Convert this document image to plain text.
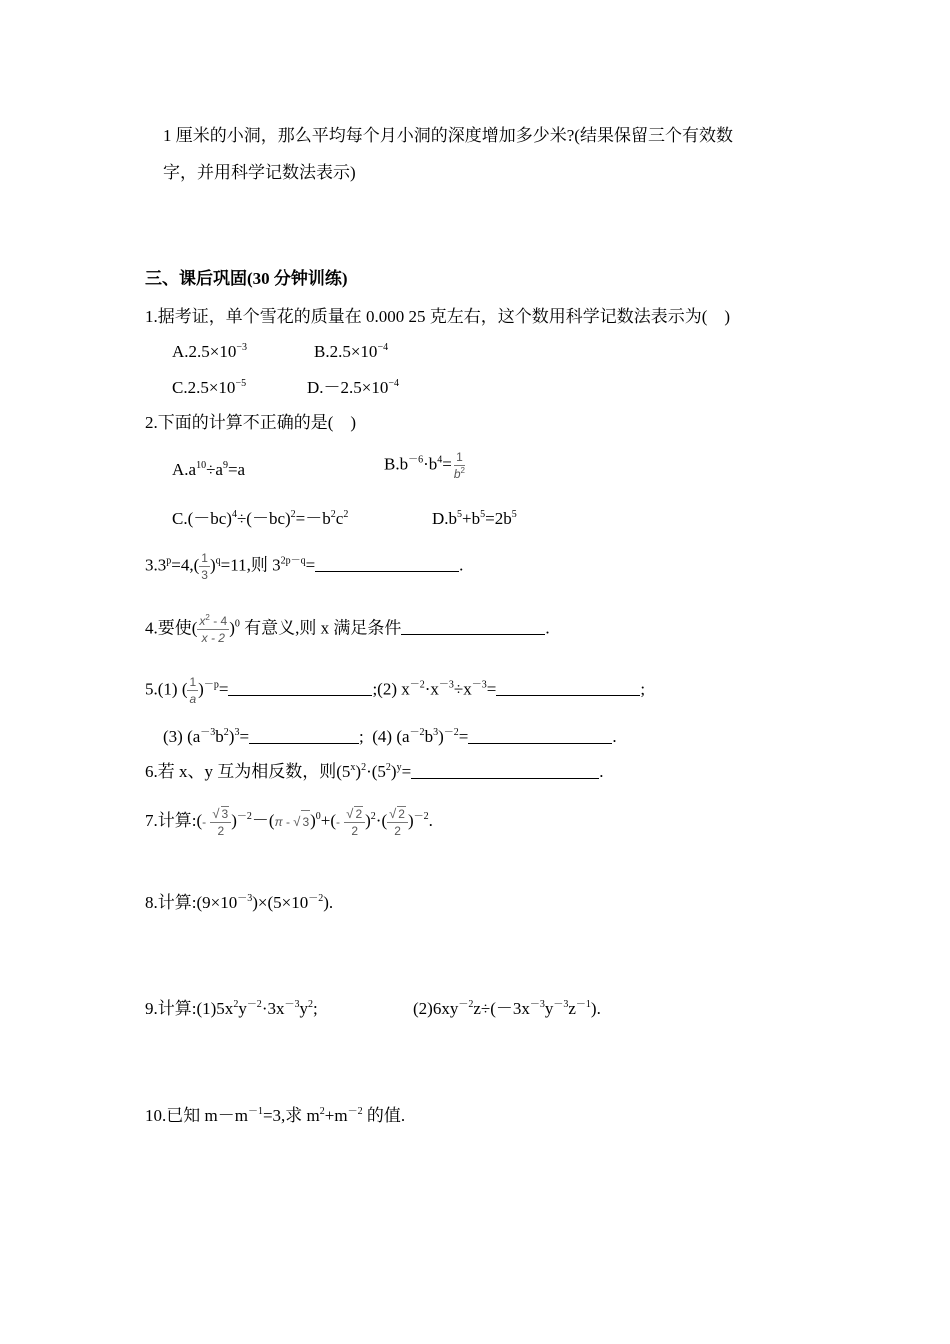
1 厘米的小洞，那么平均每个月小洞的深度增加多少米?(结果保留三个有效数
字，并用科学记数法表示)
三、课后巩固(30 分钟训练)
1.据考证，单个雪花的质量在 0.000 25 克左右，这个数用科学记数法表示为(　)
$A.2.5\times 10^{-3}$	$B.2.5\times 10^{-4}$
$C.2.5\times 10^{-5}$	$D.-2.5\times 10^{-4}$
2.下面的计算不正确的是(　)
$A.a^{10}\div a^9=a$	$B.b^{-6}\cdot b^4= \frac{1}{b^2}$
$C.(-bc)^4\div(-bc)^2=-b^2c^2$	$D.b^5+b^5=2b^5$
$3.3^p=4,( \frac{1}{3} )^q=11$,则 $3^{2p-q}=$	.
4.要使( $\frac{x^2 - 4}{x - 2} )^0$ 有意义,则 x 满足条件	.
5.(1) ( $\frac{1}{a} )^{-p}=$	;(2) $x^{-2}\cdot x^{-3}\div x^{-3}=$	;
(3) $(a^{-3}b^2)^3=$	;  (4) $(a^{-2}b^3)^{-2}=$	.
6.若 x、y 互为相反数，则$(5^x)^2\cdot(5^2)^y=$	.
7.计算:(- $\frac{√ 3}{2} )^{-2}-(\pi$ - √ $3)^0+(- \frac{√ 2}{2} )^2\cdot( \frac{√ 2}{2} )^{-2}$.
8.计算$:(9\times 10^{-3})\times(5\times 10^{-2})$.
9.计算$:(1)5x^2y^{-2}\cdot 3x^{-3}y^2$;	$(2)6xy^{-2}z\div(-3x^{-3}y^{-3}z^{-1})$.
10.已知 $m-m^{-1}=3$,求 $m^2+m^{-2}$ 的值.
